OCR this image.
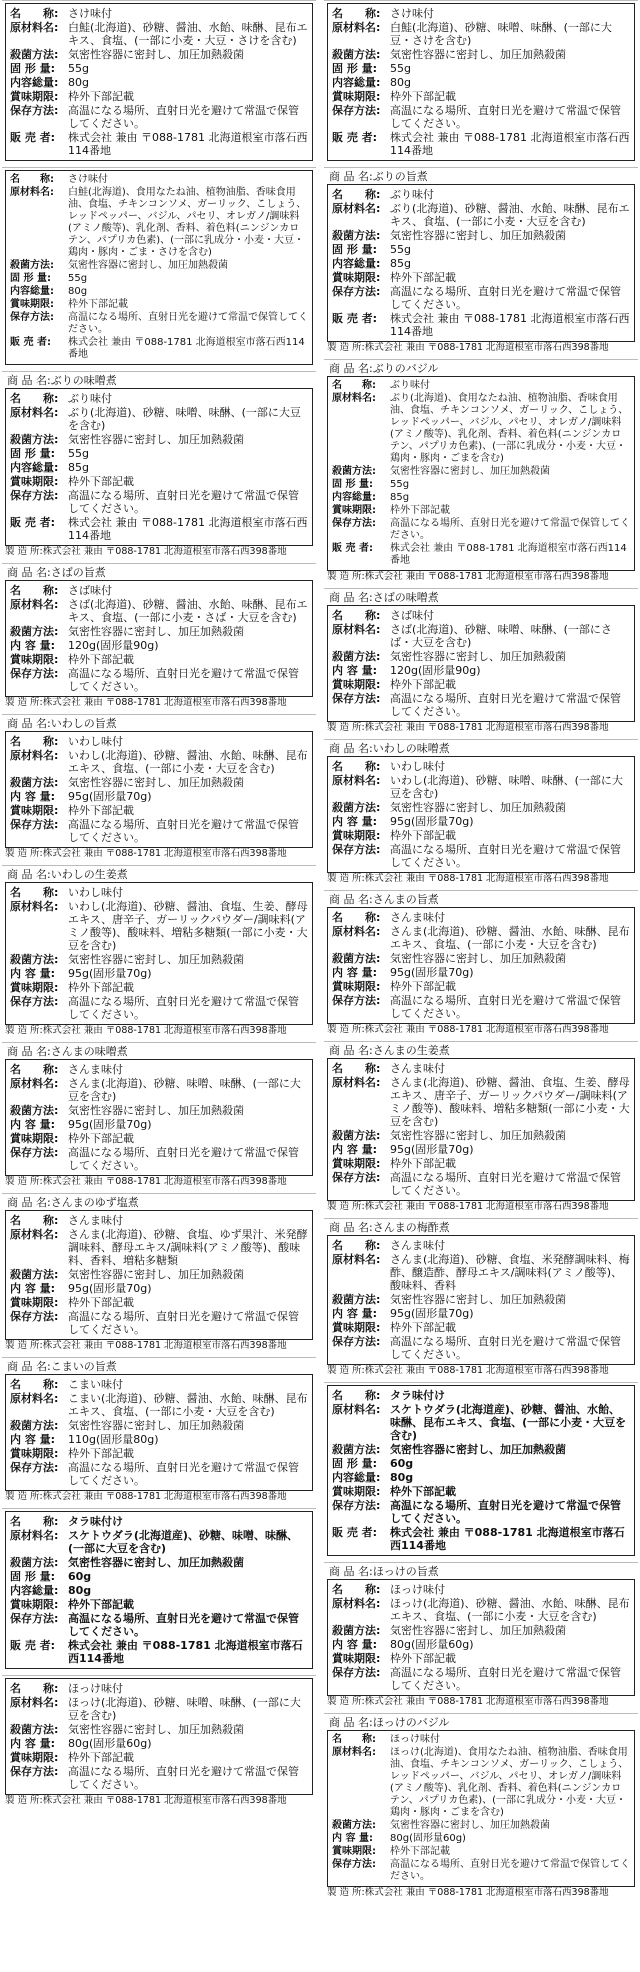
名　　称: さけ味付
原材料名: 白鮭(北海道)、砂糖、醤油、水飴、味醂、昆布エキス、食塩、(一部に小麦・大豆・さけを含む)
殺菌方法: 気密性容器に密封し、加圧加熱殺菌
固 形 量:	55g
内容総量: 80g
賞味期限: 枠外下部記載
保存方法: 高温になる場所、直射日光を避けて常温で保管してください。
販 売 者:	株式会社 兼由 〒088-1781 北海道根室市落石西114番地
名　　称:	さけ味付
原材料名:	白鮭(北海道)、食用なたね油、植物油脂、香味食用油、食塩、チキンコンソメ、ガーリック、こしょう、レッドペッパー、バジル、パセリ、オレガノ/調味料(アミノ酸等)、乳化剤、香料、着色料(ニンジンカロテン、パプリカ色素)、(一部に乳成分・小麦・大豆・鶏肉・豚肉・ごま・さけを含む)
殺菌方法:	気密性容器に密封し、加圧加熱殺菌
固 形 量:	55g
内容総量:	80g
賞味期限:	枠外下部記載
保存方法:	高温になる場所、直射日光を避けて常温で保管してください。
販 売 者:	株式会社 兼由 〒088-1781 北海道根室市落石西114番地
商 品 名:ぶりの味噌煮
名　　称: ぶり味付
原材料名: ぶり(北海道)、砂糖、味噌、味醂、(一部に大豆を含む)
殺菌方法: 気密性容器に密封し、加圧加熱殺菌
固 形 量:	55g
内容総量: 85g
賞味期限: 枠外下部記載
保存方法: 高温になる場所、直射日光を避けて常温で保管してください。
販 売 者:	株式会社 兼由 〒088-1781 北海道根室市落石西114番地
製 造 所:株式会社 兼由 〒088-1781 北海道根室市落石西398番地
商 品 名:さばの旨煮
名　　称: さば味付
原材料名: さば(北海道)、砂糖、醤油、水飴、味醂、昆布エキス、食塩、(一部に小麦・さば・大豆を含む)
殺菌方法: 気密性容器に密封し、加圧加熱殺菌
内 容 量:	120g(固形量90g)
賞味期限: 枠外下部記載
保存方法: 高温になる場所、直射日光を避けて常温で保管してください。
製 造 所:株式会社 兼由 〒088-1781 北海道根室市落石西398番地
商 品 名:いわしの旨煮
名　　称: いわし味付
原材料名: いわし(北海道)、砂糖、醤油、水飴、味醂、昆布エキス、食塩、(一部に小麦・大豆を含む)
殺菌方法: 気密性容器に密封し、加圧加熱殺菌
内 容 量:	95g(固形量70g)
賞味期限: 枠外下部記載
保存方法: 高温になる場所、直射日光を避けて常温で保管してください。
製 造 所:株式会社 兼由 〒088-1781 北海道根室市落石西398番地
商 品 名:いわしの生姜煮
名　　称: いわし味付
原材料名: いわし(北海道)、砂糖、醤油、食塩、生姜、酵母エキス、唐辛子、ガーリックパウダー/調味料(アミノ酸等)、酸味料、増粘多糖類(一部に小麦・大豆を含む)
殺菌方法: 気密性容器に密封し、加圧加熱殺菌
内 容 量:	95g(固形量70g)
賞味期限: 枠外下部記載
保存方法: 高温になる場所、直射日光を避けて常温で保管してください。
製 造 所:株式会社 兼由 〒088-1781 北海道根室市落石西398番地
商 品 名:さんまの味噌煮
名　　称: さんま味付
原材料名: さんま(北海道)、砂糖、味噌、味醂、(一部に大豆を含む)
殺菌方法: 気密性容器に密封し、加圧加熱殺菌
内 容 量:	95g(固形量70g)
賞味期限: 枠外下部記載
保存方法: 高温になる場所、直射日光を避けて常温で保管してください。
製 造 所:株式会社 兼由 〒088-1781 北海道根室市落石西398番地
商 品 名:さんまのゆず塩煮
名　　称: さんま味付
原材料名: さんま(北海道)、砂糖、食塩、ゆず果汁、米発酵調味料、酵母エキス/調味料(アミノ酸等)、酸味料、香料、増粘多糖類
殺菌方法: 気密性容器に密封し、加圧加熱殺菌
内 容 量:	95g(固形量70g)
賞味期限: 枠外下部記載
保存方法: 高温になる場所、直射日光を避けて常温で保管してください。
製 造 所:株式会社 兼由 〒088-1781 北海道根室市落石西398番地
商 品 名:こまいの旨煮
名　　称: こまい味付
原材料名: こまい(北海道)、砂糖、醤油、水飴、味醂、昆布エキス、食塩、(一部に小麦・大豆を含む)
殺菌方法: 気密性容器に密封し、加圧加熱殺菌
内 容 量:	110g(固形量80g)
賞味期限: 枠外下部記載
保存方法: 高温になる場所、直射日光を避けて常温で保管してください。
製 造 所:株式会社 兼由 〒088-1781 北海道根室市落石西398番地
名　　称: タラ味付け
原材料名: スケトウダラ(北海道産)、砂糖、味噌、味醂、(一部に大豆を含む)
殺菌方法: 気密性容器に密封し、加圧加熱殺菌
固 形 量:	60g
内容総量: 80g
賞味期限: 枠外下部記載
保存方法: 高温になる場所、直射日光を避けて常温で保管してください。
販 売 者:	株式会社 兼由 〒088-1781 北海道根室市落石西114番地
名　　称: ほっけ味付
原材料名: ほっけ(北海道)、砂糖、味噌、味醂、(一部に大豆を含む)
殺菌方法: 気密性容器に密封し、加圧加熱殺菌
内 容 量:	80g(固形量60g)
賞味期限: 枠外下部記載
保存方法: 高温になる場所、直射日光を避けて常温で保管してください。
製 造 所:株式会社 兼由 〒088-1781 北海道根室市落石西398番地
名　　称: さけ味付
原材料名: 白鮭(北海道)、砂糖、味噌、味醂、(一部に大豆・さけを含む)
殺菌方法: 気密性容器に密封し、加圧加熱殺菌
固 形 量:	55g
内容総量: 80g
賞味期限: 枠外下部記載
保存方法: 高温になる場所、直射日光を避けて常温で保管してください。
販 売 者:	株式会社 兼由 〒088-1781 北海道根室市落石西114番地
商 品 名:ぶりの旨煮
名　　称: ぶり味付
原材料名: ぶり(北海道)、砂糖、醤油、水飴、味醂、昆布エキス、食塩、(一部に小麦・大豆を含む)
殺菌方法: 気密性容器に密封し、加圧加熱殺菌
固 形 量:	55g
内容総量: 85g
賞味期限: 枠外下部記載
保存方法: 高温になる場所、直射日光を避けて常温で保管してください。
販 売 者:	株式会社 兼由 〒088-1781 北海道根室市落石西114番地
製 造 所:株式会社 兼由 〒088-1781 北海道根室市落石西398番地
商 品 名:ぶりのバジル
名　　称:	ぶり味付
原材料名:	ぶり(北海道)、食用なたね油、植物油脂、香味食用油、食塩、チキンコンソメ、ガーリック、こしょう、レッドペッパー、バジル、パセリ、オレガノ/調味料(アミノ酸等)、乳化剤、香料、着色料(ニンジンカロテン、パプリカ色素)、(一部に乳成分・小麦・大豆・鶏肉・豚肉・ごまを含む)
殺菌方法:	気密性容器に密封し、加圧加熱殺菌
固 形 量:	55g
内容総量:	85g
賞味期限:	枠外下部記載
保存方法:	高温になる場所、直射日光を避けて常温で保管してください。
販 売 者:	株式会社 兼由 〒088-1781 北海道根室市落石西114番地
製 造 所:株式会社 兼由 〒088-1781 北海道根室市落石西398番地
商 品 名:さばの味噌煮
名　　称: さば味付
原材料名: さば(北海道)、砂糖、味噌、味醂、(一部にさば・大豆を含む)
殺菌方法: 気密性容器に密封し、加圧加熱殺菌
内 容 量:	120g(固形量90g)
賞味期限: 枠外下部記載
保存方法: 高温になる場所、直射日光を避けて常温で保管してください。
製 造 所:株式会社 兼由 〒088-1781 北海道根室市落石西398番地
商 品 名:いわしの味噌煮
名　　称: いわし味付
原材料名: いわし(北海道)、砂糖、味噌、味醂、(一部に大豆を含む)
殺菌方法: 気密性容器に密封し、加圧加熱殺菌
内 容 量:	95g(固形量70g)
賞味期限: 枠外下部記載
保存方法: 高温になる場所、直射日光を避けて常温で保管してください。
製 造 所:株式会社 兼由 〒088-1781 北海道根室市落石西398番地
商 品 名:さんまの旨煮
名　　称: さんま味付
原材料名: さんま(北海道)、砂糖、醤油、水飴、味醂、昆布エキス、食塩、(一部に小麦・大豆を含む)
殺菌方法: 気密性容器に密封し、加圧加熱殺菌
内 容 量:	95g(固形量70g)
賞味期限: 枠外下部記載
保存方法: 高温になる場所、直射日光を避けて常温で保管してください。
製 造 所:株式会社 兼由 〒088-1781 北海道根室市落石西398番地
商 品 名:さんまの生姜煮
名　　称: さんま味付
原材料名: さんま(北海道)、砂糖、醤油、食塩、生姜、酵母エキス、唐辛子、ガーリックパウダー/調味料(アミノ酸等)、酸味料、増粘多糖類(一部に小麦・大豆を含む)
殺菌方法: 気密性容器に密封し、加圧加熱殺菌
内 容 量:	95g(固形量70g)
賞味期限: 枠外下部記載
保存方法: 高温になる場所、直射日光を避けて常温で保管してください。
製 造 所:株式会社 兼由 〒088-1781 北海道根室市落石西398番地
商 品 名:さんまの梅酢煮
名　　称: さんま味付
原材料名: さんま(北海道)、砂糖、食塩、米発酵調味料、梅酢、醸造酢、酵母エキス/調味料(アミノ酸等)、酸味料、香料
殺菌方法: 気密性容器に密封し、加圧加熱殺菌
内 容 量:	95g(固形量70g)
賞味期限: 枠外下部記載
保存方法: 高温になる場所、直射日光を避けて常温で保管してください。
製 造 所:株式会社 兼由 〒088-1781 北海道根室市落石西398番地
名　　称: タラ味付け
原材料名: スケトウダラ(北海道産)、砂糖、醤油、水飴、味醂、昆布エキス、食塩、(一部に小麦・大豆を含む)
殺菌方法: 気密性容器に密封し、加圧加熱殺菌
固 形 量:	60g
内容総量: 80g
賞味期限: 枠外下部記載
保存方法: 高温になる場所、直射日光を避けて常温で保管してください。
販 売 者:	株式会社 兼由 〒088-1781 北海道根室市落石西114番地
商 品 名:ほっけの旨煮
名　　称: ほっけ味付
原材料名: ほっけ(北海道)、砂糖、醤油、水飴、味醂、昆布エキス、食塩、(一部に小麦・大豆を含む)
殺菌方法: 気密性容器に密封し、加圧加熱殺菌
内 容 量:	80g(固形量60g)
賞味期限: 枠外下部記載
保存方法: 高温になる場所、直射日光を避けて常温で保管してください。
製 造 所:株式会社 兼由 〒088-1781 北海道根室市落石西398番地
商 品 名:ほっけのバジル
名　　称:	ほっけ味付
原材料名:	ほっけ(北海道)、食用なたね油、植物油脂、香味食用油、食塩、チキンコンソメ、ガーリック、こしょう、レッドペッパー、バジル、パセリ、オレガノ/調味料(アミノ酸等)、乳化剤、香料、着色料(ニンジンカロテン、パプリカ色素)、(一部に乳成分・小麦・大豆・鶏肉・豚肉・ごまを含む)
殺菌方法:	気密性容器に密封し、加圧加熱殺菌
内 容 量:	80g(固形量60g)
賞味期限:	枠外下部記載
保存方法:	高温になる場所、直射日光を避けて常温で保管してください。
製 造 所:株式会社 兼由 〒088-1781 北海道根室市落石西398番地
